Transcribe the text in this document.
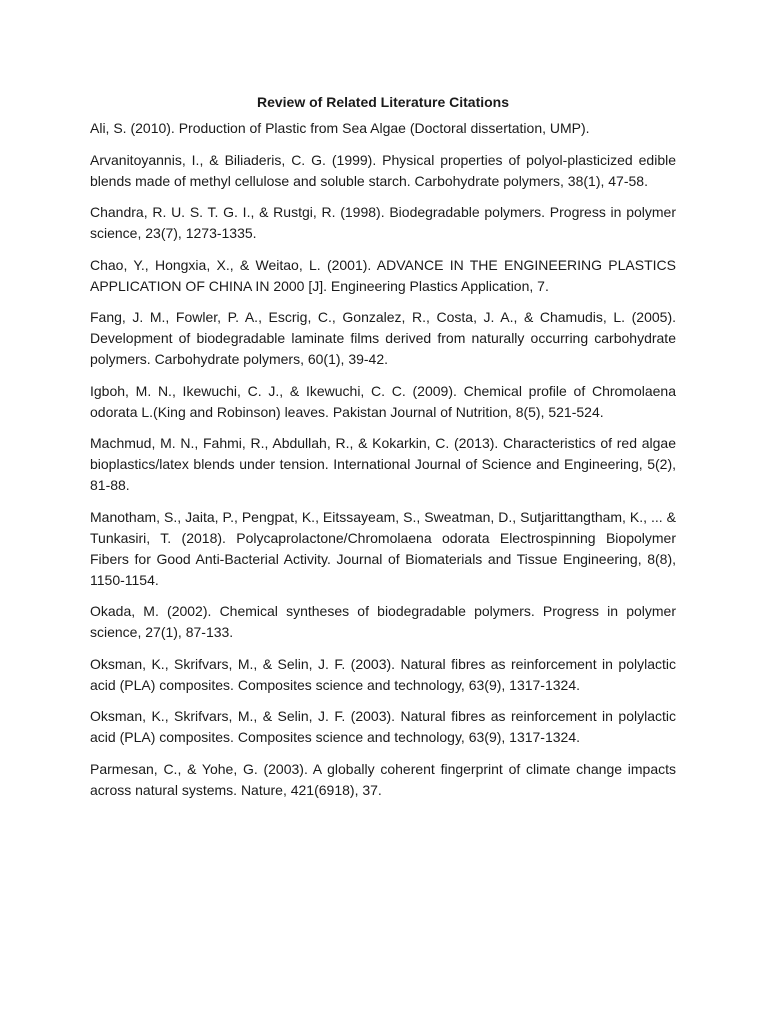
Review of Related Literature Citations
Ali, S. (2010). Production of Plastic from Sea Algae (Doctoral dissertation, UMP).
Arvanitoyannis, I., & Biliaderis, C. G. (1999). Physical properties of polyol-plasticized edible blends made of methyl cellulose and soluble starch. Carbohydrate polymers, 38(1), 47-58.
Chandra, R. U. S. T. G. I., & Rustgi, R. (1998). Biodegradable polymers. Progress in polymer science, 23(7), 1273-1335.
Chao, Y., Hongxia, X., & Weitao, L. (2001). ADVANCE IN THE ENGINEERING PLASTICS APPLICATION OF CHINA IN 2000 [J]. Engineering Plastics Application, 7.
Fang, J. M., Fowler, P. A., Escrig, C., Gonzalez, R., Costa, J. A., & Chamudis, L. (2005). Development of biodegradable laminate films derived from naturally occurring carbohydrate polymers. Carbohydrate polymers, 60(1), 39-42.
Igboh, M. N., Ikewuchi, C. J., & Ikewuchi, C. C. (2009). Chemical profile of Chromolaena odorata L.(King and Robinson) leaves. Pakistan Journal of Nutrition, 8(5), 521-524.
Machmud, M. N., Fahmi, R., Abdullah, R., & Kokarkin, C. (2013). Characteristics of red algae bioplastics/latex blends under tension. International Journal of Science and Engineering, 5(2), 81-88.
Manotham, S., Jaita, P., Pengpat, K., Eitssayeam, S., Sweatman, D., Sutjarittangtham, K., ... & Tunkasiri, T. (2018). Polycaprolactone/Chromolaena odorata Electrospinning Biopolymer Fibers for Good Anti-Bacterial Activity. Journal of Biomaterials and Tissue Engineering, 8(8), 1150-1154.
Okada, M. (2002). Chemical syntheses of biodegradable polymers. Progress in polymer science, 27(1), 87-133.
Oksman, K., Skrifvars, M., & Selin, J. F. (2003). Natural fibres as reinforcement in polylactic acid (PLA) composites. Composites science and technology, 63(9), 1317-1324.
Oksman, K., Skrifvars, M., & Selin, J. F. (2003). Natural fibres as reinforcement in polylactic acid (PLA) composites. Composites science and technology, 63(9), 1317-1324.
Parmesan, C., & Yohe, G. (2003). A globally coherent fingerprint of climate change impacts across natural systems. Nature, 421(6918), 37.
